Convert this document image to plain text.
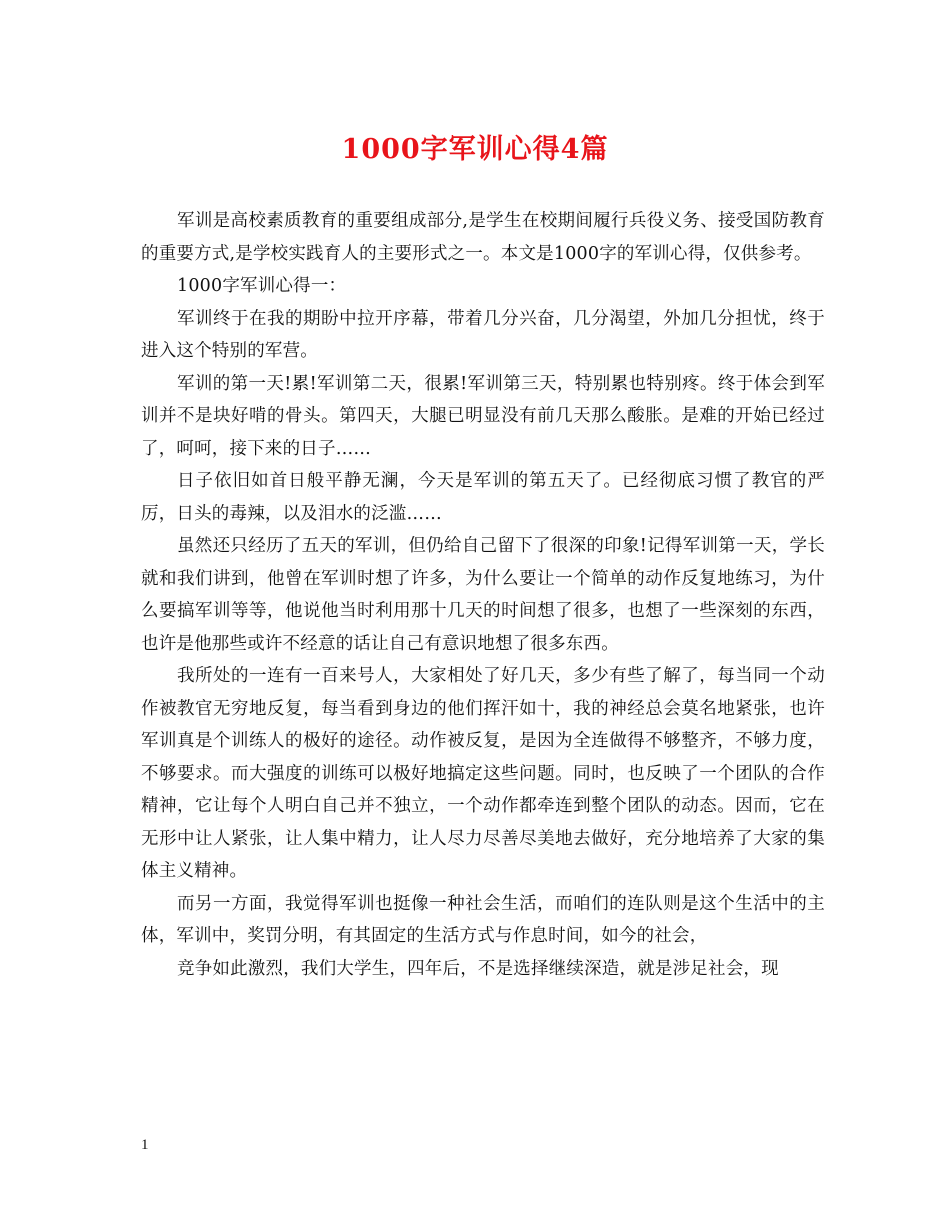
1000字军训心得4篇

军训是高校素质教育的重要组成部分,是学生在校期间履行兵役义务、接受国防教育的重要方式,是学校实践育人的主要形式之一。本文是1000字的军训心得，仅供参考。

1000字军训心得一：

军训终于在我的期盼中拉开序幕，带着几分兴奋，几分渴望，外加几分担忧，终于进入这个特别的军营。

军训的第一天!累!军训第二天，很累!军训第三天，特别累也特别疼。终于体会到军训并不是块好啃的骨头。第四天，大腿已明显没有前几天那么酸胀。是难的开始已经过了，呵呵，接下来的日子……

日子依旧如首日般平静无澜，今天是军训的第五天了。已经彻底习惯了教官的严厉，日头的毒辣，以及泪水的泛滥……

虽然还只经历了五天的军训，但仍给自己留下了很深的印象!记得军训第一天，学长就和我们讲到，他曾在军训时想了许多，为什么要让一个简单的动作反复地练习，为什么要搞军训等等，他说他当时利用那十几天的时间想了很多，也想了一些深刻的东西，也许是他那些或许不经意的话让自己有意识地想了很多东西。

我所处的一连有一百来号人，大家相处了好几天，多少有些了解了，每当同一个动作被教官无穷地反复，每当看到身边的他们挥汗如十，我的神经总会莫名地紧张，也许军训真是个训练人的极好的途径。动作被反复，是因为全连做得不够整齐，不够力度，不够要求。而大强度的训练可以极好地搞定这些问题。同时，也反映了一个团队的合作精神，它让每个人明白自己并不独立，一个动作都牵连到整个团队的动态。因而，它在无形中让人紧张，让人集中精力，让人尽力尽善尽美地去做好，充分地培养了大家的集体主义精神。

而另一方面，我觉得军训也挺像一种社会生活，而咱们的连队则是这个生活中的主体，军训中，奖罚分明，有其固定的生活方式与作息时间，如今的社会，

竞争如此激烈，我们大学生，四年后，不是选择继续深造，就是涉足社会，现

1
